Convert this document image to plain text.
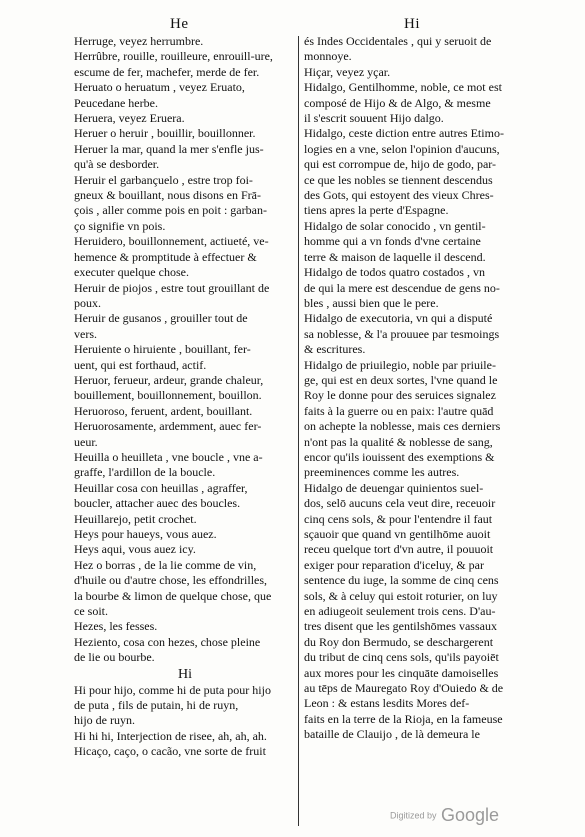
He	Hi
Herruge, veyez herrumbre.
Herrûbre, rouille, rouilleure, enrouill-ure,
escume de fer, machefer, merde de fer.
Heruato o heruatum , veyez Eruato,
Peucedane herbe.
Heruera, veyez Eruera.
Heruer o heruir , bouillir, bouillonner.
Heruer la mar, quand la mer s'enfle jus-
qu'à se desborder.
Heruir el garbançuelo , estre trop foi-
gneux & bouillant, nous disons en Frā-
çois , aller comme pois en poit : garban-
ço signifie vn pois.
Heruidero, bouillonnement, actiueté, ve-
hemence & promptitude à effectuer &
executer quelque chose.
Heruir de piojos , estre tout grouillant de
poux.
Heruir de gusanos , grouiller tout de
vers.
Heruiente o hiruiente , bouillant, fer-
uent, qui est forthaud, actif.
Heruor, ferueur, ardeur, grande chaleur,
bouillement, bouillonnement, bouillon.
Heruoroso, feruent, ardent, bouillant.
Heruorosamente, ardemment, auec fer-
ueur.
Heuilla o heuilleta , vne boucle , vne a-
graffe, l'ardillon de la boucle.
Heuillar cosa con heuillas , agraffer,
boucler, attacher auec des boucles.
Heuillarejo, petit crochet.
Heys pour haueys, vous auez.
Heys aqui, vous auez icy.
Hez o borras , de la lie comme de vin,
d'huile ou d'autre chose, les effondrilles,
la bourbe & limon de quelque chose, que
ce soit.
Hezes, les fesses.
Heziento, cosa con hezes, chose pleine
de lie ou bourbe.
Hi
Hi pour hijo, comme hi de puta pour hijo
de puta , fils de putain, hi de ruyn,
hijo de ruyn.
Hi hi hi, Interjection de risee, ah, ah, ah.
Hicaço, caço, o cacão, vne sorte de fruit
és Indes Occidentales , qui y seruoit de
monnoye.
Hiçar, veyez yçar.
Hidalgo, Gentilhomme, noble, ce mot est
composé de Hijo & de Algo, & mesme
il s'escrit souuent Hijo dalgo.
Hidalgo, ceste diction entre autres Etimo-
logies en a vne, selon l'opinion d'aucuns,
qui est corrompue de, hijo de godo, par-
ce que les nobles se tiennent descendus
des Gots, qui estoyent des vieux Chres-
tiens apres la perte d'Espagne.
Hidalgo de solar conocido , vn gentil-
homme qui a vn fonds d'vne certaine
terre & maison de laquelle il descend.
Hidalgo de todos quatro costados , vn
de qui la mere est descendue de gens no-
bles , aussi bien que le pere.
Hidalgo de executoria, vn qui a disputé
sa noblesse, & l'a prouuee par tesmoings
& escritures.
Hidalgo de priuilegio, noble par priuile-
ge, qui est en deux sortes, l'vne quand le
Roy le donne pour des seruices signalez
faits à la guerre ou en paix: l'autre quād
on achepte la noblesse, mais ces derniers
n'ont pas la qualité & noblesse de sang,
encor qu'ils iouissent des exemptions &
preeminences comme les autres.
Hidalgo de deuengar quinientos suel-
dos, selō aucuns cela veut dire, receuoir
cinq cens sols, & pour l'entendre il faut
sçauoir que quand vn gentilhōme auoit
receu quelque tort d'vn autre, il pouuoit
exiger pour reparation d'iceluy, & par
sentence du iuge, la somme de cinq cens
sols, & à celuy qui estoit roturier, on luy
en adiugeoit seulement trois cens. D'au-
tres disent que les gentilshōmes vassaux
du Roy don Bermudo, se deschargerent
du tribut de cinq cens sols, qu'ils payoiēt
aux mores pour les cinquāte damoiselles
au tēps de Mauregato Roy d'Ouiedo & de
Leon : & estans lesdits Mores def-
faits en la terre de la Rioja, en la fameuse
bataille de Clauijo , de là demeura le
Digitized by Google
